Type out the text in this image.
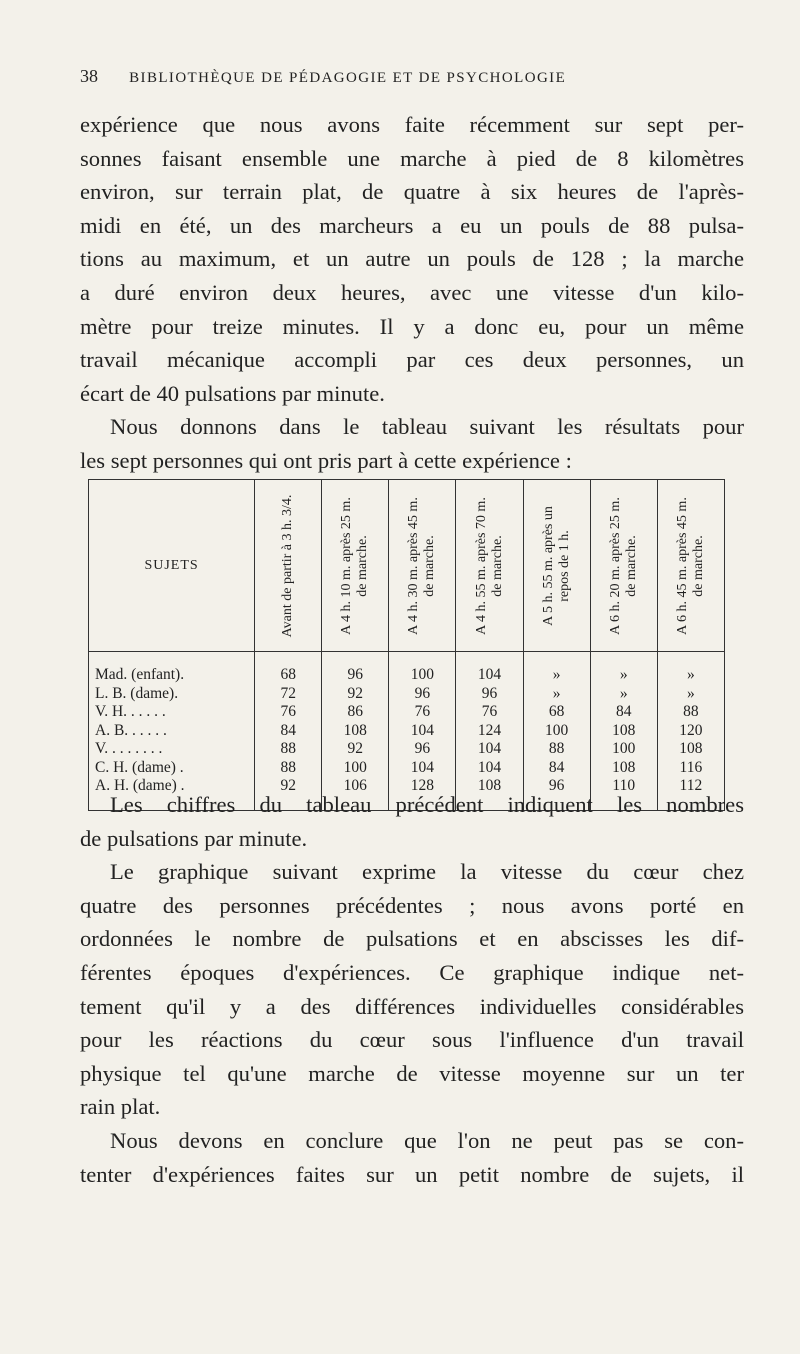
38 BIBLIOTHÈQUE DE PÉDAGOGIE ET DE PSYCHOLOGIE
expérience que nous avons faite récemment sur sept per-
sonnes faisant ensemble une marche à pied de 8 kilomètres
environ, sur terrain plat, de quatre à six heures de l'après-
midi en été, un des marcheurs a eu un pouls de 88 pulsa-
tions au maximum, et un autre un pouls de 128 ; la marche
a duré environ deux heures, avec une vitesse d'un kilo-
mètre pour treize minutes. Il y a donc eu, pour un même
travail mécanique accompli par ces deux personnes, un
écart de 40 pulsations par minute.
Nous donnons dans le tableau suivant les résultats pour
les sept personnes qui ont pris part à cette expérience :
SUJETS	Avant de partir à 3 h. 3/4.	A 4 h. 10 m. après 25 m. de marche.	A 4 h. 30 m. après 45 m. de marche.	A 4 h. 55 m. après 70 m. de marche.	A 5 h. 55 m. après un repos de 1 h.	A 6 h. 20 m. après 25 m. de marche.	A 6 h. 45 m. après 45 m. de marche.

Mad. (enfant).	68	96	100	104	»	»	»
L. B. (dame).	72	92	96	96	»	»	»
V. H. . . . . .	76	86	76	76	68	84	88
A. B. . . . . .	84	108	104	124	100	108	120
V. . . . . . . .	88	92	96	104	88	100	108
C. H. (dame) .	88	100	104	104	84	108	116
A. H. (dame) .	92	106	128	108	96	110	112
Les chiffres du tableau précédent indiquent les nombres
de pulsations par minute.
Le graphique suivant exprime la vitesse du cœur chez
quatre des personnes précédentes ; nous avons porté en
ordonnées le nombre de pulsations et en abscisses les dif-
férentes époques d'expériences. Ce graphique indique net-
tement qu'il y a des différences individuelles considérables
pour les réactions du cœur sous l'influence d'un travail
physique tel qu'une marche de vitesse moyenne sur un ter
rain plat.
Nous devons en conclure que l'on ne peut pas se con-
tenter d'expériences faites sur un petit nombre de sujets, il
